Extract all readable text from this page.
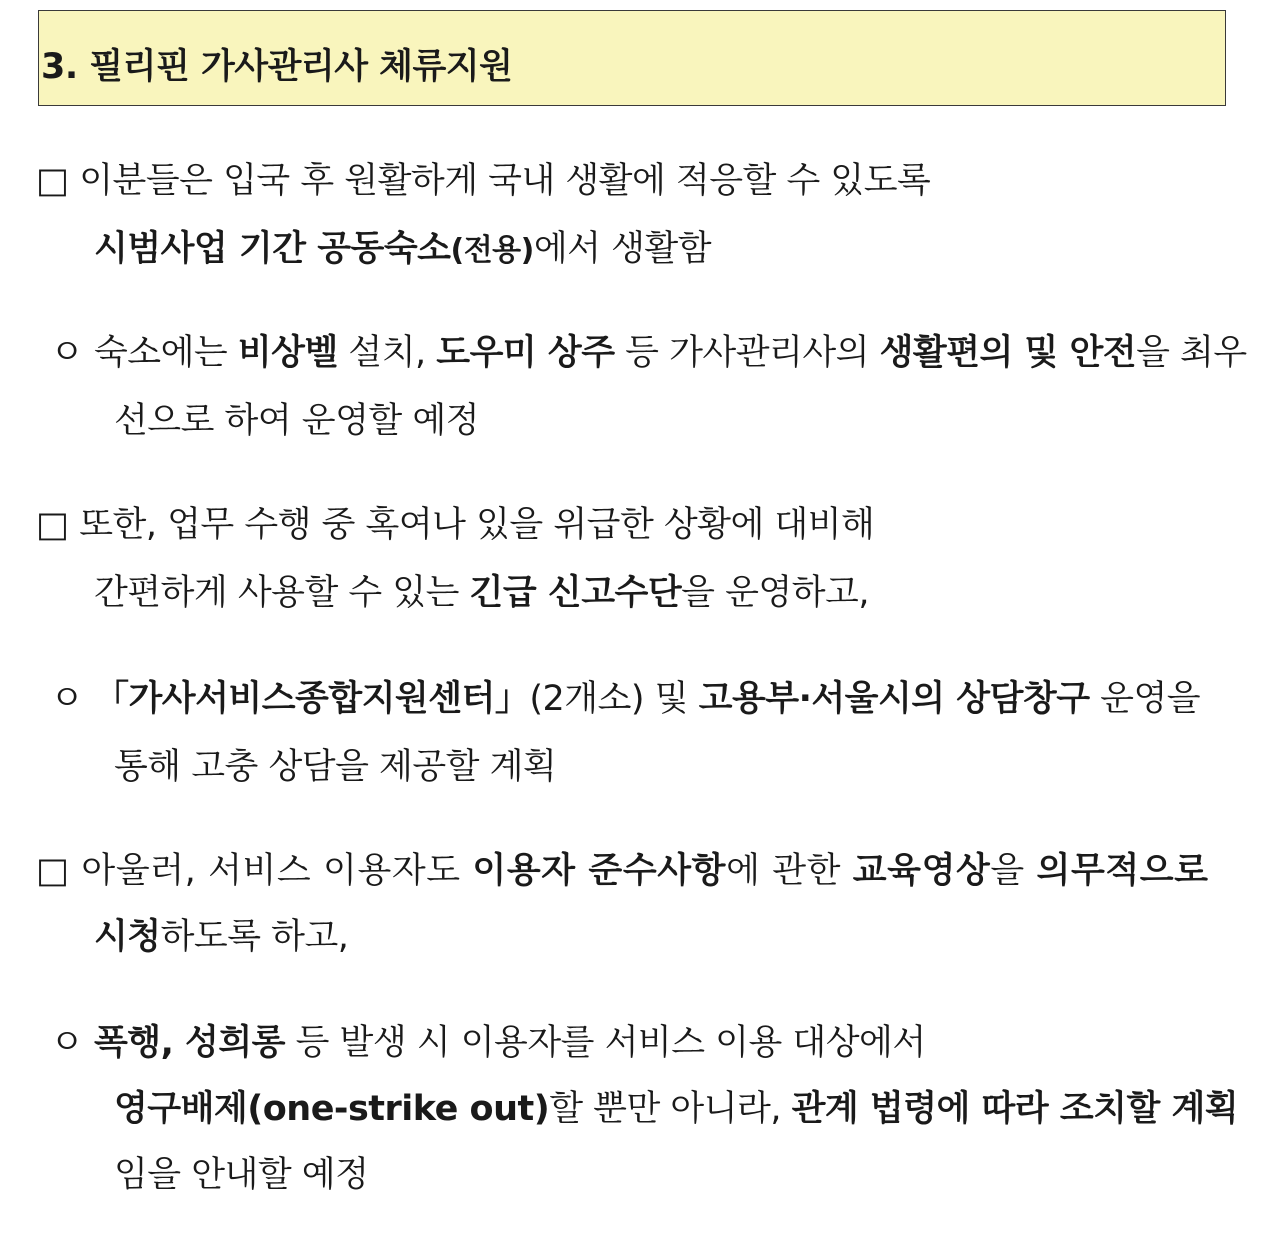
3. 필리핀 가사관리사 체류지원
□ 이분들은 입국 후 원활하게 국내 생활에 적응할 수 있도록
시범사업 기간 공동숙소(전용)에서 생활함
ㅇ 숙소에는 비상벨 설치, 도우미 상주 등 가사관리사의 생활편의 및 안전을 최우
선으로 하여 운영할 예정
□ 또한, 업무 수행 중 혹여나 있을 위급한 상황에 대비해
간편하게 사용할 수 있는 긴급 신고수단을 운영하고,
ㅇ 「가사서비스종합지원센터」(2개소) 및 고용부·서울시의 상담창구 운영을
통해 고충 상담을 제공할 계획
□ 아울러, 서비스 이용자도 이용자 준수사항에 관한 교육영상을 의무적으로
시청하도록 하고,
ㅇ 폭행, 성희롱 등 발생 시 이용자를 서비스 이용 대상에서
영구배제(one-strike out)할 뿐만 아니라, 관계 법령에 따라 조치할 계획
임을 안내할 예정
